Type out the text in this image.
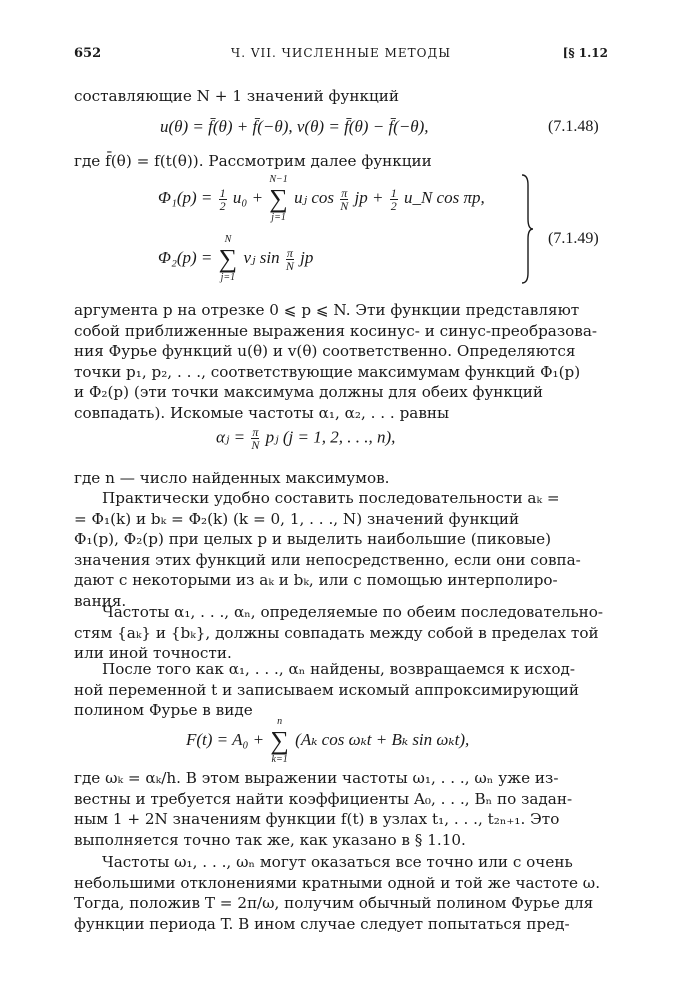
652	Ч. VII. ЧИСЛЕННЫЕ МЕТОДЫ	[§ 1.12
составляющие N + 1 значений функций
u(θ) = f̄(θ) + f̄(−θ), v(θ) = f̄(θ) − f̄(−θ),	(7.1.48)
где f̄(θ) = f(t(θ)). Рассмотрим далее функции
$\Phi_1(p) = \frac{1}{2} u_0$ +
N−1
∑
j=1
uⱼ $\cos \frac{\pi}{N}$ jp + $\frac{1}{2}$ u_N cos πp,
Φ₂(p) =
N
∑
j=1
vⱼ $\sin \frac{\pi}{N}$ jp
(7.1.49)
аргумента p на отрезке 0 ⩽ p ⩽ N. Эти функции представляют
собой приближенные выражения косинус- и синус-преобразова-
ния Фурье функций u(θ) и v(θ) соответственно. Определяются
точки p₁, p₂, . . ., соответствующие максимумам функций Φ₁(p)
и Φ₂(p) (эти точки максимума должны для обеих функций
совпадать). Искомые частоты α₁, α₂, . . . равны
αⱼ = $\frac{\pi}{N}$ pⱼ (j = 1, 2, . . ., n),
где n — число найденных максимумов.
Практически удобно составить последовательности aₖ =
= Φ₁(k) и bₖ = Φ₂(k) (k = 0, 1, . . ., N) значений функций
Φ₁(p), Φ₂(p) при целых p и выделить наибольшие (пиковые)
значения этих функций или непосредственно, если они совпа-
дают с некоторыми из aₖ и bₖ, или с помощью интерполиро-
вания.
Частоты α₁, . . ., αₙ, определяемые по обеим последовательно-
стям {aₖ} и {bₖ}, должны совпадать между собой в пределах той
или иной точности.
После того как α₁, . . ., αₙ найдены, возвращаемся к исход-
ной переменной t и записываем искомый аппроксимирующий
полином Фурье в виде
F(t) = A₀ +
n
∑
k=1
(Aₖ cos ωₖt + Bₖ sin ωₖt),
где ωₖ = αₖ/h. В этом выражении частоты ω₁, . . ., ωₙ уже из-
вестны и требуется найти коэффициенты A₀, . . ., Bₙ по задан-
ным 1 + 2N значениям функции f(t) в узлах t₁, . . ., t₂ₙ₊₁. Это
выполняется точно так же, как указано в § 1.10.
Частоты ω₁, . . ., ωₙ могут оказаться все точно или с очень
небольшими отклонениями кратными одной и той же частоте ω.
Тогда, положив T = 2π/ω, получим обычный полином Фурье для
функции периода T. В ином случае следует попытаться пред-
